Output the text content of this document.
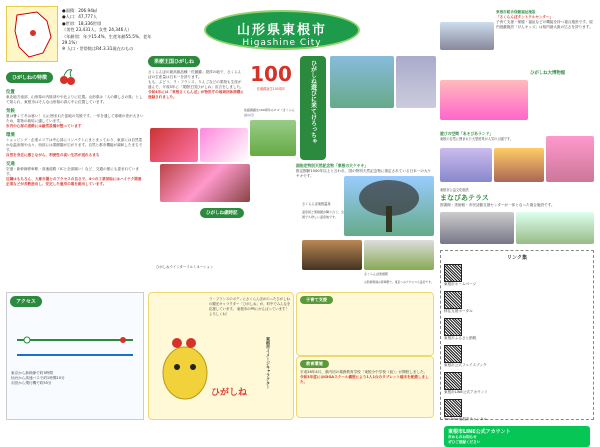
●面積：206.94㎢
●人口：47,777人
●世帯：18,336世帯
（男性 23,431人、女性 24,346人）
（年齢別：年少15.4%、生産年齢55.5%、老年29.1%）
※ 人口・世帯数はR4.3.31現在のもの
山形県東根市
Higashine City
ひがしねの特徴
位置
東北地方南部、山形県の内陸部やや北よりに位置。山形県は「人の優しさの県」として知られ、東根市はそんな山形県の真ん中に位置しています。
気候
夏は暑くて冬は寒い！ 山に囲まれた盆地の気候です。一年を通して寒暖の差が大きいため、果物の栽培に適しています。
市内中心部の道路には融雪設備が整っています
環境
ショッピング・企業エリアは中心部にコンパクトにまとまっており、東部には自然豊かな温泉街や山々、西部には果樹園が広がります。自然と都市機能が調和したまちです。
自然を身近に感じながら、利便性の高い生活が送れるまち
交通
空港・新幹線停車駅・高速道路（ICと全部揃い）など、交通の便にも恵まれています。
近隣はもちろん、大都市圏とのアクセスの良さで、4つの工業団地にはハイテク関連企業などが多数進出し、安定した雇用の場を創出しています。
果樹王国ひがしね
さくらんぼの最高級品種「佐藤錦」発祥の地で、さくらんぼの生産量は日本一を誇ります。
もも、ぶどう、ラ・フランス、りんごなどの果物も生産が盛んで、平成5年に「果樹王国ひがしね」宣言をしました。
令和4年には「東根さくらんぼ」が特許庁の地域団体商標に登録されました。
100
佐藤錦誕生100周年
佐藤錦誕生100周年のロゴ（さくらんぼの日）
ひがしね歳時記
ひがしねウインターイルミネーション
ひがしね遊びに来てけろっちゃ
国指定特別天然記念物「東根の大ケヤキ」
推定樹齢1500年以上と言われ、国の特別天然記念物に指定されている日本一の大ケヤキです。
さくらんぼ東根温泉
温泉街と果樹園が隣り合う、全国でも珍しい温泉地です。
さくらんぼ東根駅
山形新幹線の停車駅で、東京へのアクセスも良好です。
東根市総合保健福祉施設
「さくらんぼタントクルセンター」
子育て支援・保健・福祉などの機能を持つ複合施設です。屋内遊戯施設「げんキッズ」は県内最大級の広さを誇ります。
ひがしね大博物館
遊びの空間「あそびあランド」
東根の自然に囲まれた大型遊具が人気の公園です。
東根市公益文化施設
まなびあテラス
図書館・美術館・市民活動支援センターが一体となった複合施設です。
子育て支援
教育環境
平成28年4月、県内初の義務教育学校「東根小中学校（仮）」が開校しました。
令和3年度にはGIGAスクール構想により1人1台のタブレット端末を配備しました。
リンク集
東根市ホームページ
移住支援ポータル
東根市ふるさと納税
東根市公式フェイスブック
東根市LINE公式アカウント
YouTube東根市チャンネル
東根市LINE公式アカウント
市からのお知らせ
ぜひご登録ください
アクセス
東京から新幹線で約3時間
仙台から高速バスで約1時間10分
羽田から飛行機で約55分
ラ・フランスのボディにさくらんぼがのったひがしねの観光キャラクター「ひがしね」が、町中でみんなを応援しています。 東根市のPRにがんばっています！ よろしくね！
ひがしね
東根市イメージキャラクター
